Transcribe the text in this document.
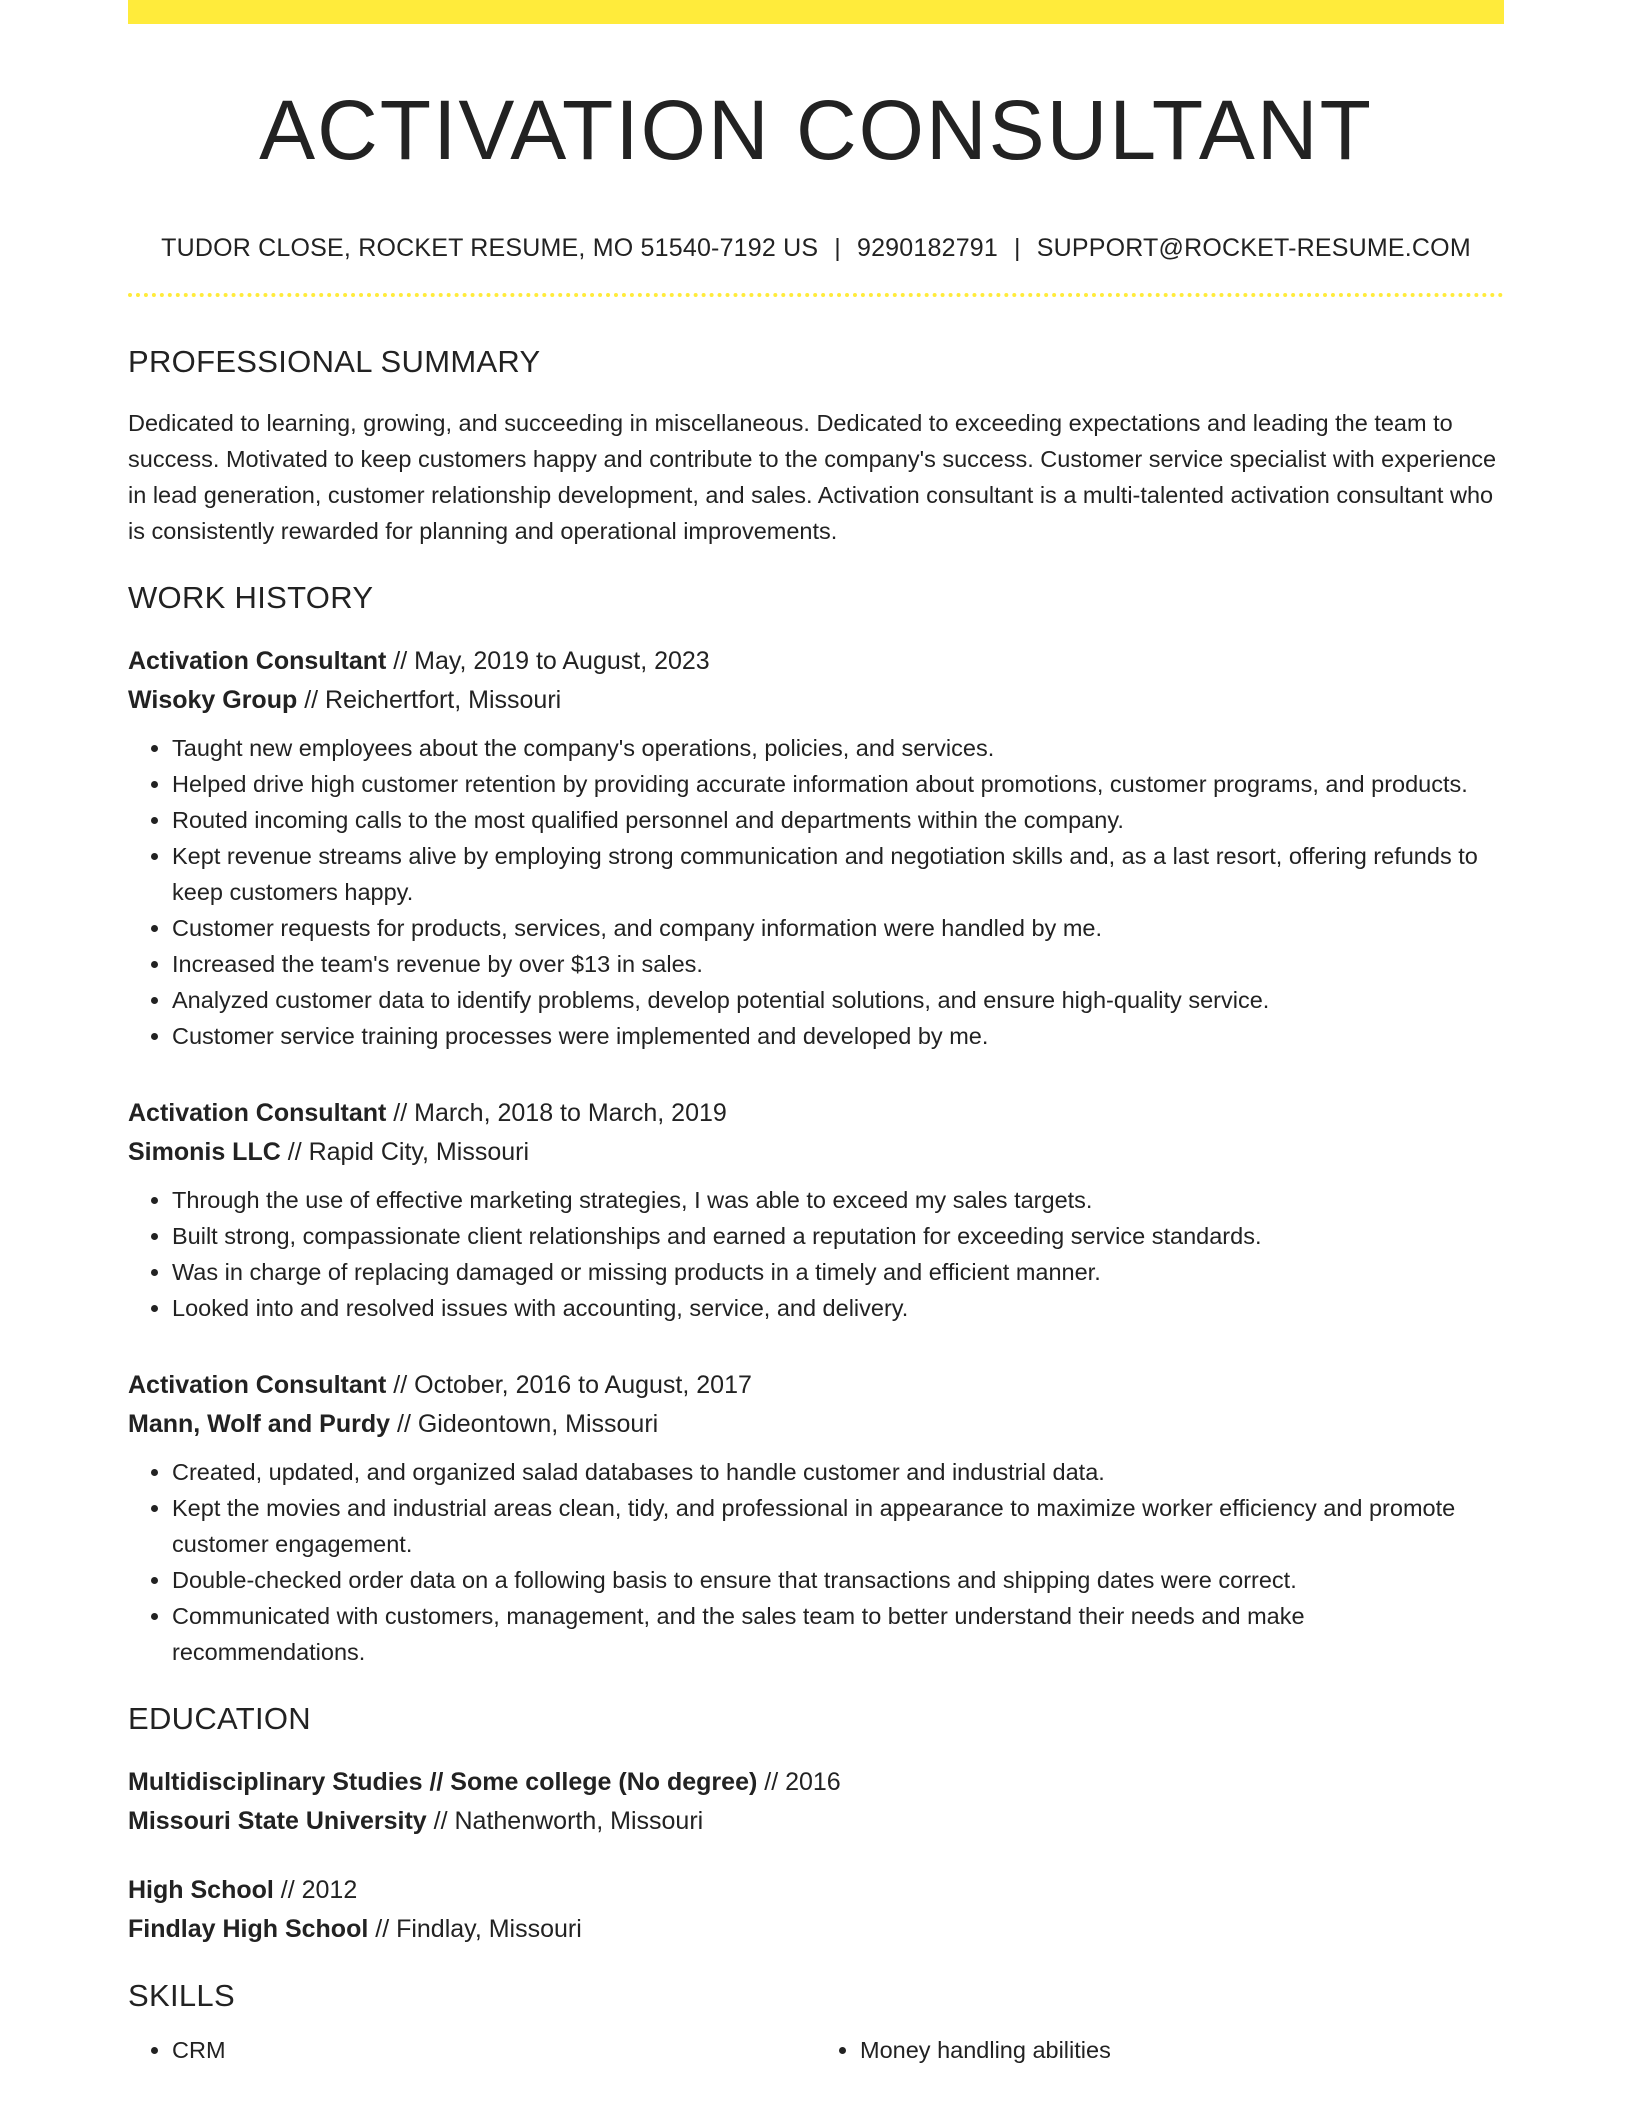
ACTIVATION CONSULTANT
TUDOR CLOSE, ROCKET RESUME, MO 51540-7192 US | 9290182791 | SUPPORT@ROCKET-RESUME.COM
PROFESSIONAL SUMMARY
Dedicated to learning, growing, and succeeding in miscellaneous. Dedicated to exceeding expectations and leading the team to success. Motivated to keep customers happy and contribute to the company's success. Customer service specialist with experience in lead generation, customer relationship development, and sales. Activation consultant is a multi-talented activation consultant who is consistently rewarded for planning and operational improvements.
WORK HISTORY
Activation Consultant // May, 2019 to August, 2023
Wisoky Group // Reichertfort, Missouri
• Taught new employees about the company's operations, policies, and services.
• Helped drive high customer retention by providing accurate information about promotions, customer programs, and products.
• Routed incoming calls to the most qualified personnel and departments within the company.
• Kept revenue streams alive by employing strong communication and negotiation skills and, as a last resort, offering refunds to keep customers happy.
• Customer requests for products, services, and company information were handled by me.
• Increased the team's revenue by over $13 in sales.
• Analyzed customer data to identify problems, develop potential solutions, and ensure high-quality service.
• Customer service training processes were implemented and developed by me.
Activation Consultant // March, 2018 to March, 2019
Simonis LLC // Rapid City, Missouri
• Through the use of effective marketing strategies, I was able to exceed my sales targets.
• Built strong, compassionate client relationships and earned a reputation for exceeding service standards.
• Was in charge of replacing damaged or missing products in a timely and efficient manner.
• Looked into and resolved issues with accounting, service, and delivery.
Activation Consultant // October, 2016 to August, 2017
Mann, Wolf and Purdy // Gideontown, Missouri
• Created, updated, and organized salad databases to handle customer and industrial data.
• Kept the movies and industrial areas clean, tidy, and professional in appearance to maximize worker efficiency and promote customer engagement.
• Double-checked order data on a following basis to ensure that transactions and shipping dates were correct.
• Communicated with customers, management, and the sales team to better understand their needs and make recommendations.
EDUCATION
Multidisciplinary Studies // Some college (No degree) // 2016
Missouri State University // Nathenworth, Missouri
High School // 2012
Findlay High School // Findlay, Missouri
SKILLS
• CRM
•	Money handling abilities
